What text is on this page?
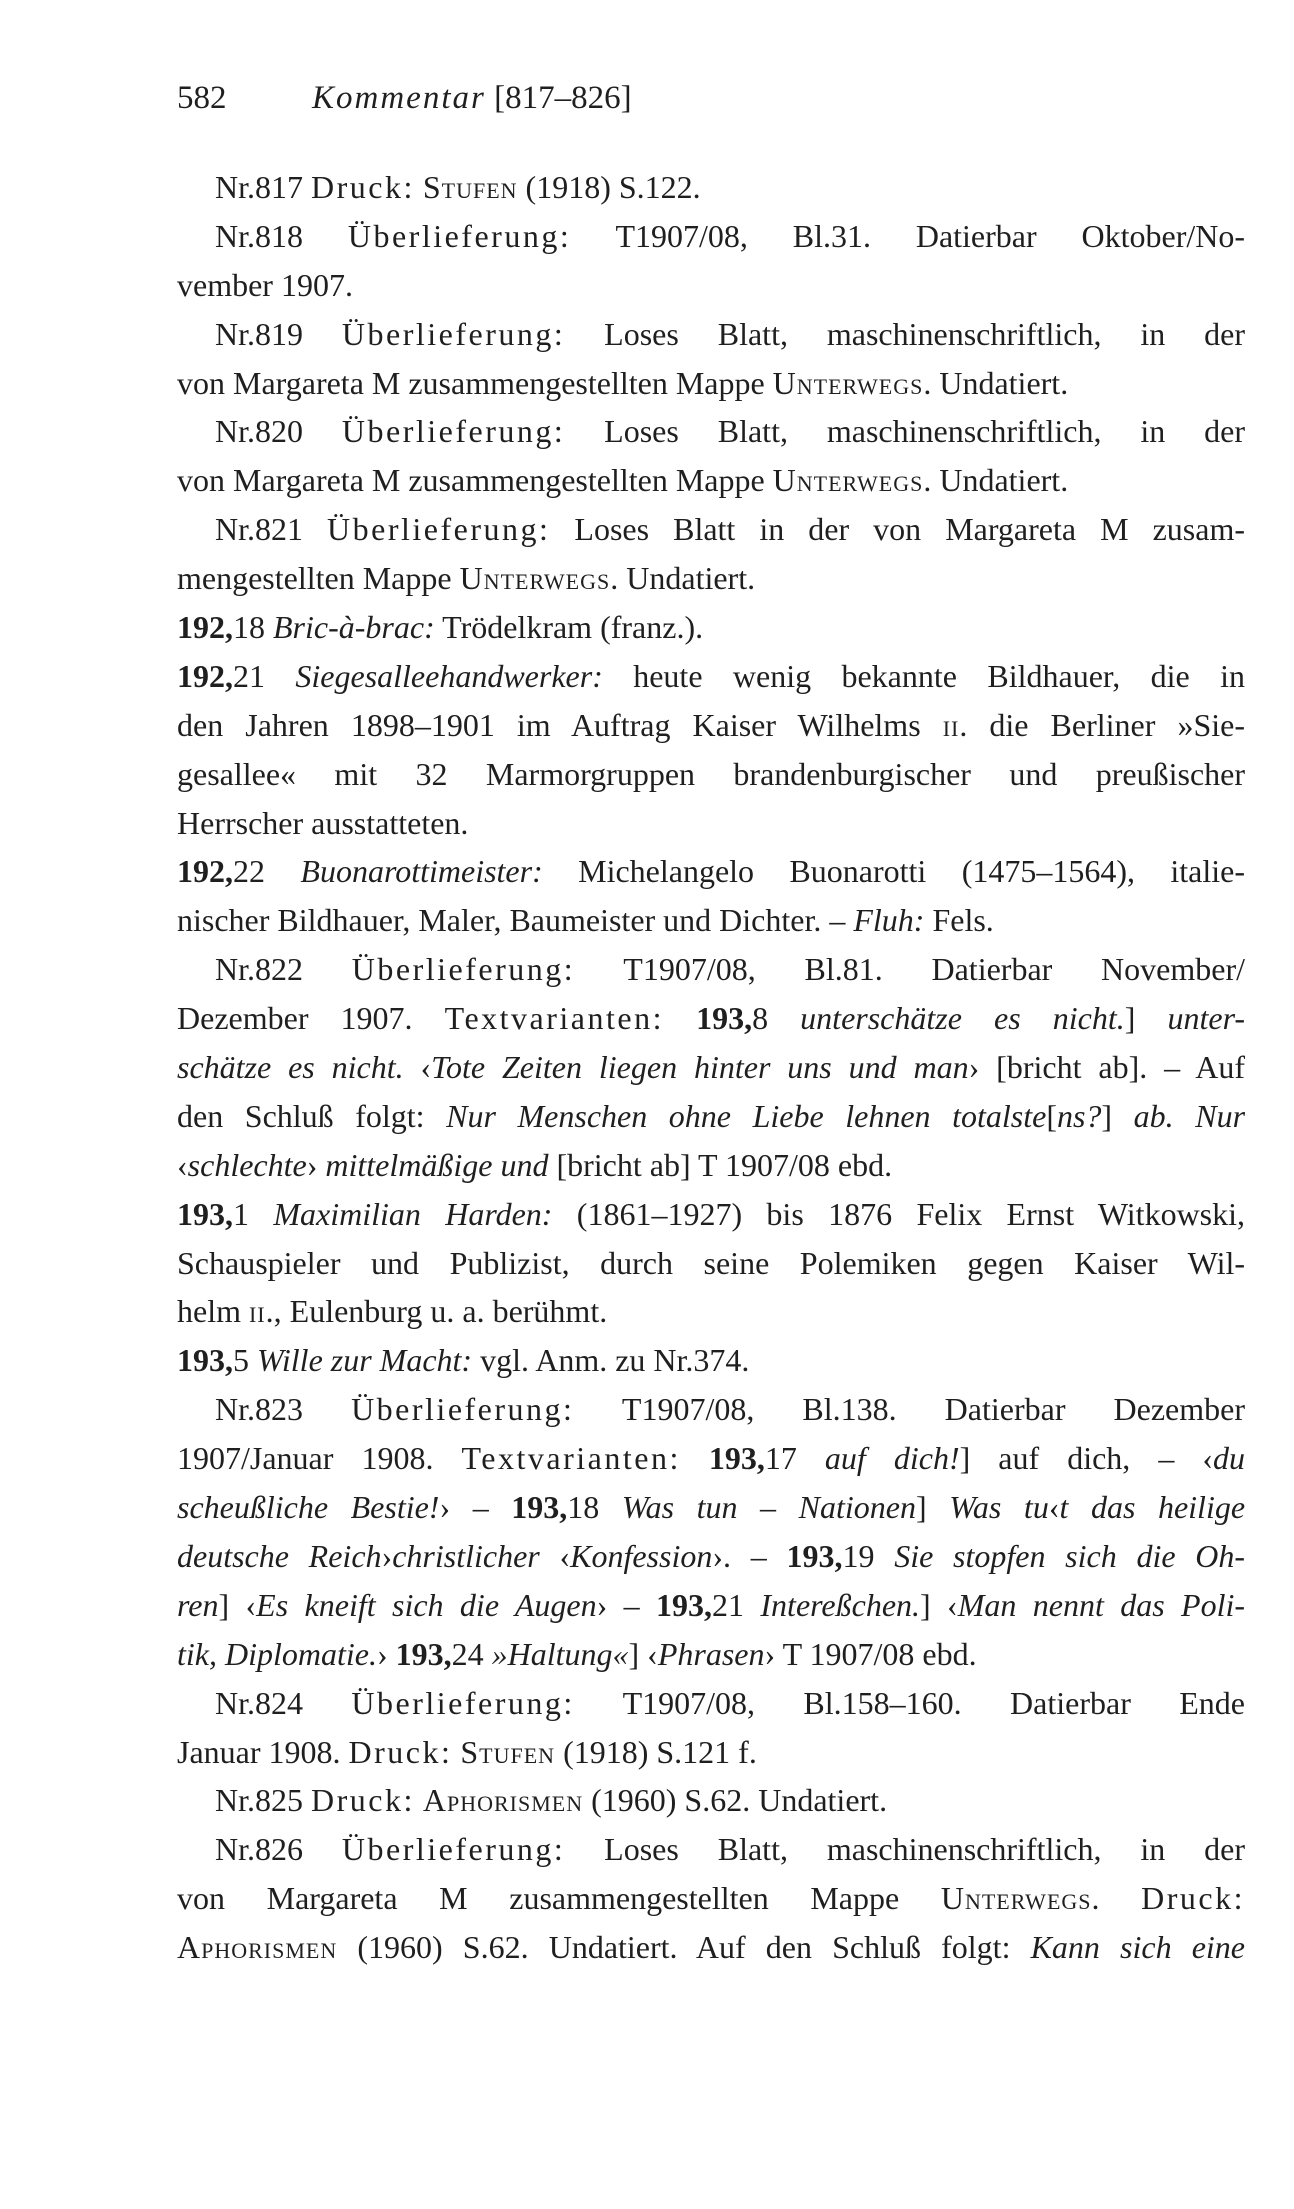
582	Kommentar [817–826]
Nr.817 Druck: Stufen (1918) S.122.
Nr.818 Überlieferung: T1907/08, Bl.31. Datierbar Oktober/No-
vember 1907.
Nr.819 Überlieferung: Loses Blatt, maschinenschriftlich, in der
von Margareta M zusammengestellten Mappe Unterwegs. Undatiert.
Nr.820 Überlieferung: Loses Blatt, maschinenschriftlich, in der
von Margareta M zusammengestellten Mappe Unterwegs. Undatiert.
Nr.821 Überlieferung: Loses Blatt in der von Margareta M zusam-
mengestellten Mappe Unterwegs. Undatiert.
192,18 Bric-à-brac: Trödelkram (franz.).
192,21 Siegesalleehandwerker: heute wenig bekannte Bildhauer, die in
den Jahren 1898–1901 im Auftrag Kaiser Wilhelms ii. die Berliner »Sie-
gesallee« mit 32 Marmorgruppen brandenburgischer und preußischer
Herrscher ausstatteten.
192,22 Buonarottimeister: Michelangelo Buonarotti (1475–1564), italie-
nischer Bildhauer, Maler, Baumeister und Dichter. – Fluh: Fels.
Nr.822 Überlieferung: T1907/08, Bl.81. Datierbar November/
Dezember 1907. Textvarianten: 193,8 unterschätze es nicht.] unter-
schätze es nicht. ‹Tote Zeiten liegen hinter uns und man› [bricht ab]. – Auf
den Schluß folgt: Nur Menschen ohne Liebe lehnen totalste[ns?] ab. Nur
‹schlechte› mittelmäßige und [bricht ab] T 1907/08 ebd.
193,1 Maximilian Harden: (1861–1927) bis 1876 Felix Ernst Witkowski,
Schauspieler und Publizist, durch seine Polemiken gegen Kaiser Wil-
helm ii., Eulenburg u. a. berühmt.
193,5 Wille zur Macht: vgl. Anm. zu Nr.374.
Nr.823 Überlieferung: T1907/08, Bl.138. Datierbar Dezember
1907/Januar 1908. Textvarianten: 193,17 auf dich!] auf dich, – ‹du
scheußliche Bestie!› – 193,18 Was tun – Nationen] Was tu‹t das heilige
deutsche Reich›christlicher ‹Konfession›. – 193,19 Sie stopfen sich die Oh-
ren] ‹Es kneift sich die Augen› – 193,21 Intereßchen.] ‹Man nennt das Poli-
tik, Diplomatie.› 193,24 »Haltung«] ‹Phrasen› T 1907/08 ebd.
Nr.824 Überlieferung: T1907/08, Bl.158–160. Datierbar Ende
Januar 1908. Druck: Stufen (1918) S.121 f.
Nr.825 Druck: Aphorismen (1960) S.62. Undatiert.
Nr.826 Überlieferung: Loses Blatt, maschinenschriftlich, in der
von Margareta M zusammengestellten Mappe Unterwegs. Druck:
Aphorismen (1960) S.62. Undatiert. Auf den Schluß folgt: Kann sich eine
